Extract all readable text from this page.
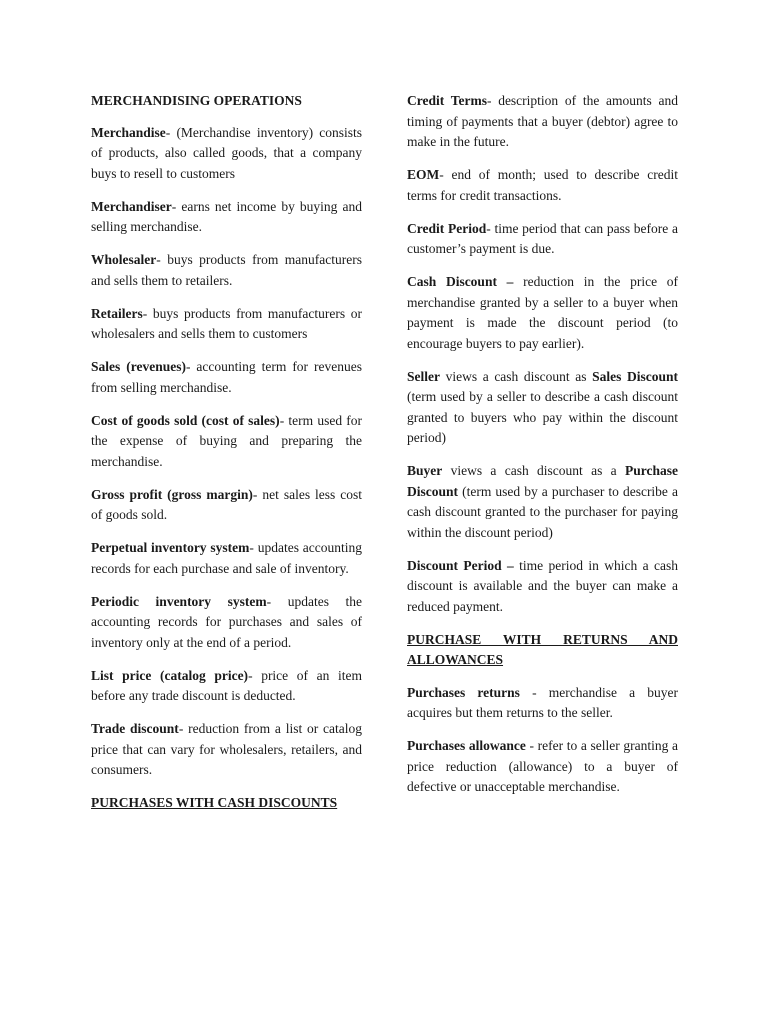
MERCHANDISING OPERATIONS

Merchandise- (Merchandise inventory) consists of products, also called goods, that a company buys to resell to customers

Merchandiser- earns net income by buying and selling merchandise.

Wholesaler- buys products from manufacturers and sells them to retailers.

Retailers- buys products from manufacturers or wholesalers and sells them to customers

Sales (revenues)- accounting term for revenues from selling merchandise.

Cost of goods sold (cost of sales)- term used for the expense of buying and preparing the merchandise.

Gross profit (gross margin)- net sales less cost of goods sold.

Perpetual inventory system- updates accounting records for each purchase and sale of inventory.

Periodic inventory system- updates the accounting records for purchases and sales of inventory only at the end of a period.

List price (catalog price)- price of an item before any trade discount is deducted.

Trade discount- reduction from a list or catalog price that can vary for wholesalers, retailers, and consumers.

PURCHASES WITH CASH DISCOUNTS

Credit Terms- description of the amounts and timing of payments that a buyer (debtor) agree to make in the future.

EOM- end of month; used to describe credit terms for credit transactions.

Credit Period- time period that can pass before a customer’s payment is due.

Cash Discount – reduction in the price of merchandise granted by a seller to a buyer when payment is made the discount period (to encourage buyers to pay earlier).

Seller views a cash discount as Sales Discount (term used by a seller to describe a cash discount granted to buyers who pay within the discount period)

Buyer views a cash discount as a Purchase Discount (term used by a purchaser to describe a cash discount granted to the purchaser for paying within the discount period)

Discount Period – time period in which a cash discount is available and the buyer can make a reduced payment.

PURCHASE WITH RETURNS AND ALLOWANCES

Purchases returns - merchandise a buyer acquires but them returns to the seller.

Purchases allowance - refer to a seller granting a price reduction (allowance) to a buyer of defective or unacceptable merchandise.
